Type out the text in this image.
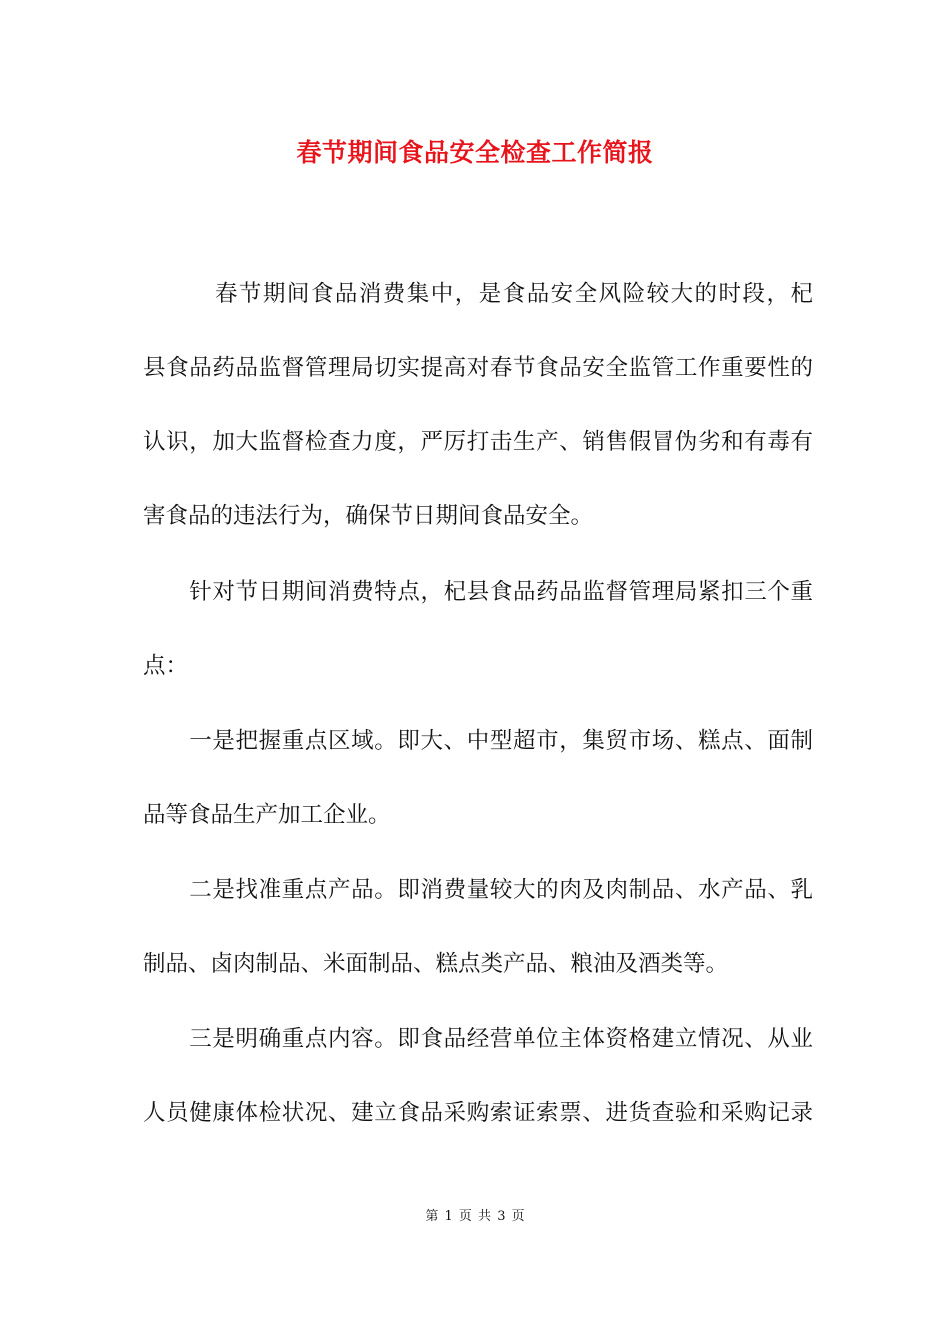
春节期间食品安全检查工作简报
　　　春节期间食品消费集中，是食品安全风险较大的时段，杞
县食品药品监督管理局切实提高对春节食品安全监管工作重要性的
认识，加大监督检查力度，严厉打击生产、销售假冒伪劣和有毒有
害食品的违法行为，确保节日期间食品安全。
　　针对节日期间消费特点，杞县食品药品监督管理局紧扣三个重
点：
　　一是把握重点区域。即大、中型超市，集贸市场、糕点、面制
品等食品生产加工企业。
　　二是找准重点产品。即消费量较大的肉及肉制品、水产品、乳
制品、卤肉制品、米面制品、糕点类产品、粮油及酒类等。
　　三是明确重点内容。即食品经营单位主体资格建立情况、从业
人员健康体检状况、建立食品采购索证索票、进货查验和采购记录
第 1 页 共 3 页
